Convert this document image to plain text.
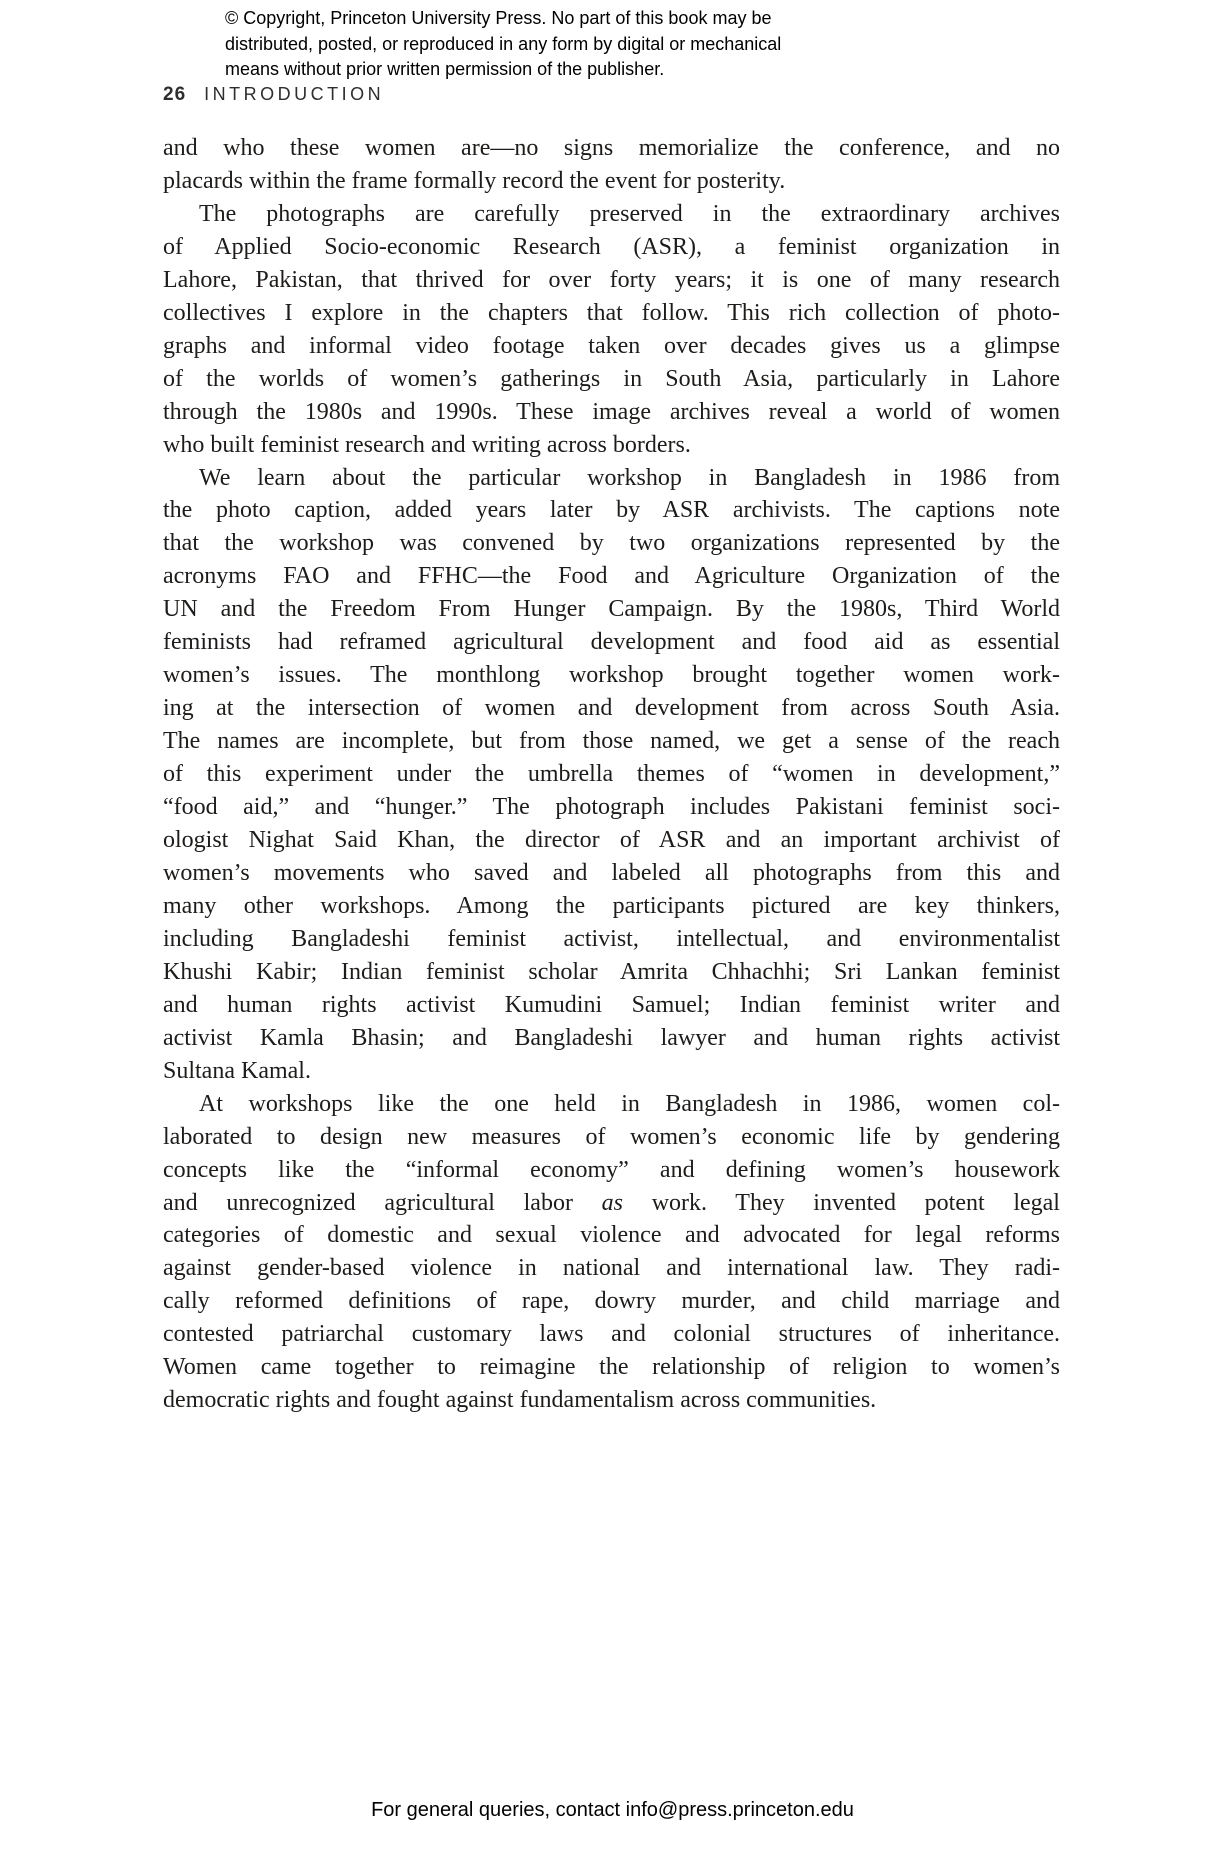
© Copyright, Princeton University Press. No part of this book may be
distributed, posted, or reproduced in any form by digital or mechanical
means without prior written permission of the publisher.
26 INTRODUCTION
and who these women are—no signs memorialize the conference, and no
placards within the frame formally record the event for posterity.
The photographs are carefully preserved in the extraordinary archives
of Applied Socio-economic Research (ASR), a feminist organization in
Lahore, Pakistan, that thrived for over forty years; it is one of many research
collectives I explore in the chapters that follow. This rich collection of photo-
graphs and informal video footage taken over decades gives us a glimpse
of the worlds of women’s gatherings in South Asia, particularly in Lahore
through the 1980s and 1990s. These image archives reveal a world of women
who built feminist research and writing across borders.
We learn about the particular workshop in Bangladesh in 1986 from
the photo caption, added years later by ASR archivists. The captions note
that the workshop was convened by two organizations represented by the
acronyms FAO and FFHC—the Food and Agriculture Organization of the
UN and the Freedom From Hunger Campaign. By the 1980s, Third World
feminists had reframed agricultural development and food aid as essential
women’s issues. The monthlong workshop brought together women work-
ing at the intersection of women and development from across South Asia.
The names are incomplete, but from those named, we get a sense of the reach
of this experiment under the umbrella themes of “women in development,”
“food aid,” and “hunger.” The photograph includes Pakistani feminist soci-
ologist Nighat Said Khan, the director of ASR and an important archivist of
women’s movements who saved and labeled all photographs from this and
many other workshops. Among the participants pictured are key thinkers,
including Bangladeshi feminist activist, intellectual, and environmentalist
Khushi Kabir; Indian feminist scholar Amrita Chhachhi; Sri Lankan feminist
and human rights activist Kumudini Samuel; Indian feminist writer and
activist Kamla Bhasin; and Bangladeshi lawyer and human rights activist
Sultana Kamal.
At workshops like the one held in Bangladesh in 1986, women col-
laborated to design new measures of women’s economic life by gendering
concepts like the “informal economy” and defining women’s housework
and unrecognized agricultural labor as work. They invented potent legal
categories of domestic and sexual violence and advocated for legal reforms
against gender-based violence in national and international law. They radi-
cally reformed definitions of rape, dowry murder, and child marriage and
contested patriarchal customary laws and colonial structures of inheritance.
Women came together to reimagine the relationship of religion to women’s
democratic rights and fought against fundamentalism across communities.
For general queries, contact info@press.princeton.edu
